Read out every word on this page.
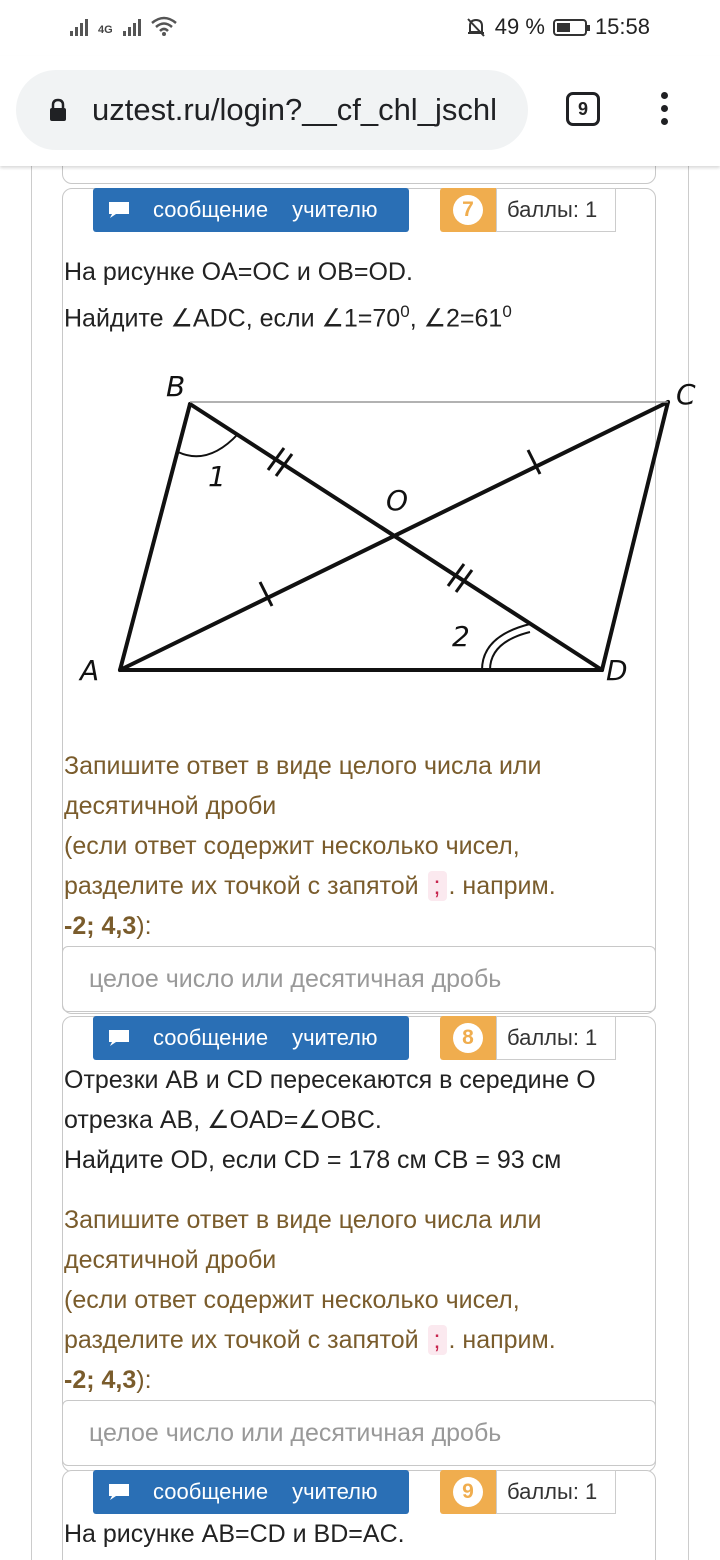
4G	49 % 15:58
uztest.ru/login?__cf_chl_jschl	9
сообщение учителю	7	баллы: 1
На рисунке OA=OC и OB=OD.
Найдите ∠ADC, если $\angle 1=70^0$, $\angle 2=61^0$
B	C
A	D
O
1
2
Запишите ответ в виде целого числа или
десятичной дроби
(если ответ содержит несколько чисел,
разделите их точкой с запятой ; . наприм.
-2; 4,3):
целое число или десятичная дробь
сообщение учителю	8	баллы: 1
Отрезки AB и CD пересекаются в середине O
отрезка AB, ∠OAD=∠OBC.
Найдите OD, если CD = 178 см CB = 93 см
Запишите ответ в виде целого числа или
десятичной дроби
(если ответ содержит несколько чисел,
разделите их точкой с запятой ; . наприм.
-2; 4,3):
целое число или десятичная дробь
сообщение учителю	9	баллы: 1
На рисунке AB=CD и BD=AC.
